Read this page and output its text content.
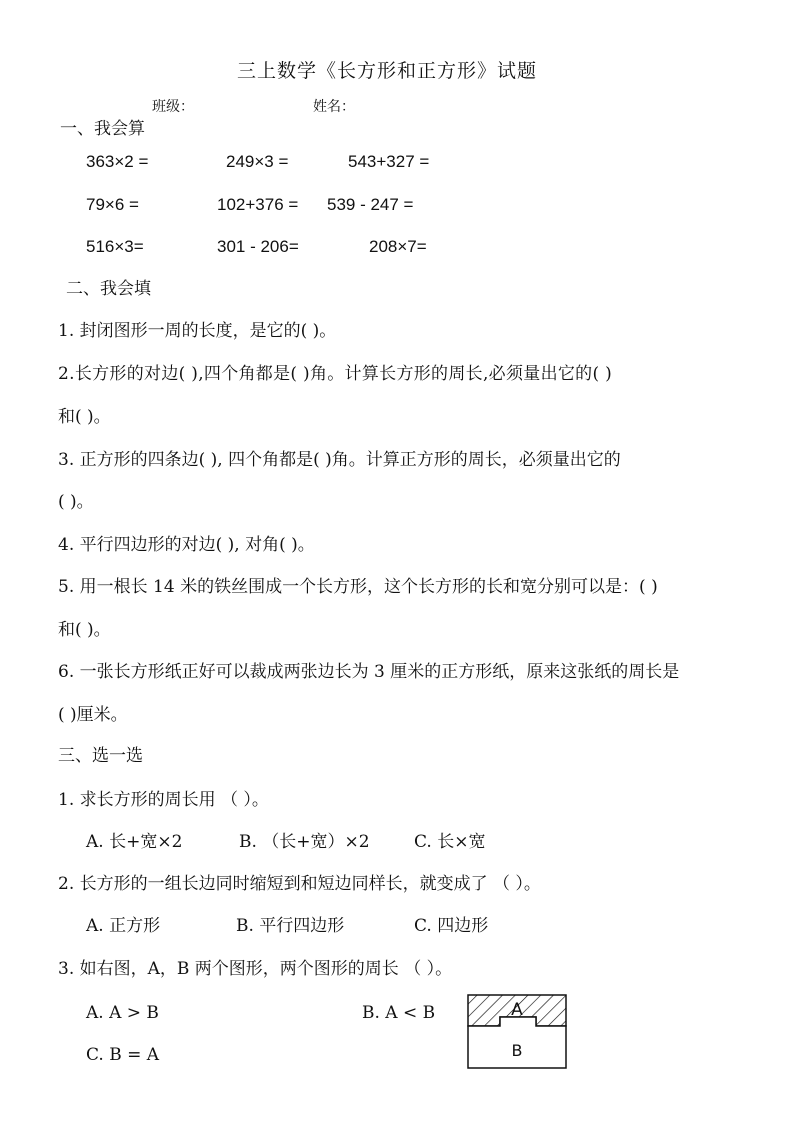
三上数学《长方形和正方形》试题
班级：	姓名：
一、我会算
363×2 =	249×3 =	543+327 =
79×6 =	102+376 = 539 - 247 =
516×3=	301 - 206=	208×7=
二、我会填
1. 封闭图形一周的长度，是它的( )。
2.长方形的对边( ),四个角都是( )角。计算长方形的周长,必须量出它的( )
和( )。
3. 正方形的四条边( ), 四个角都是( )角。计算正方形的周长，必须量出它的
( )。
4. 平行四边形的对边( ), 对角( )。
5. 用一根长 14 米的铁丝围成一个长方形，这个长方形的长和宽分别可以是：( )
和( )。
6. 一张长方形纸正好可以裁成两张边长为 3 厘米的正方形纸，原来这张纸的周长是
( )厘米。
三、选一选
1. 求长方形的周长用 （ ）。
A. 长+宽×2	B. （长+宽）×2	C. 长×宽
2. 长方形的一组长边同时缩短到和短边同样长，就变成了 （ ）。
A. 正方形	B. 平行四边形	C. 四边形
3. 如右图，A，B 两个图形，两个图形的周长 （ ）。
A. A > B	B. A < B
C. B = A
A
B
